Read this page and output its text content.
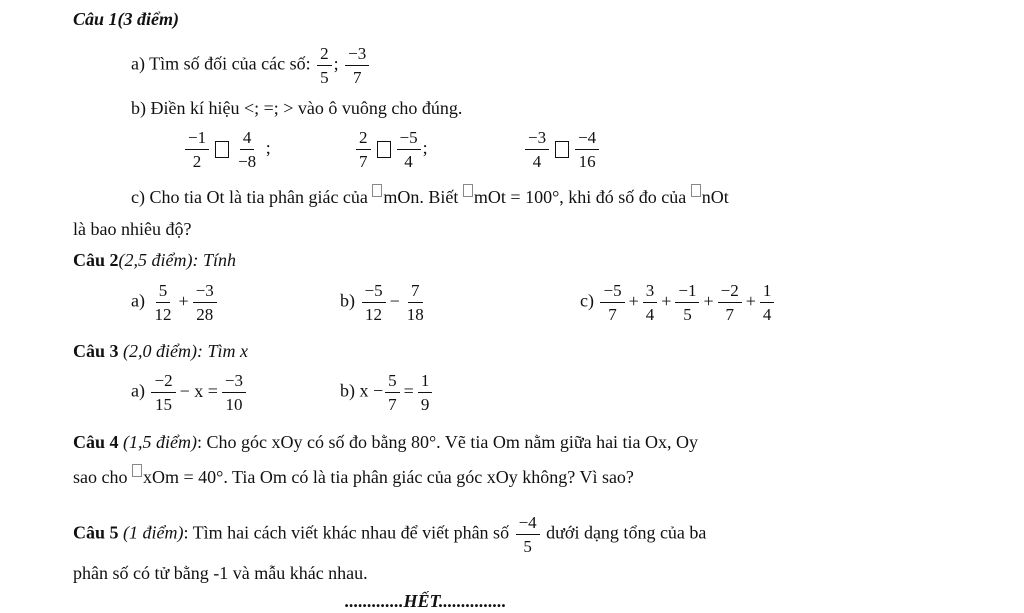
Câu 1(3 điểm)
a) Tìm số đối của các số: $\frac{2}{5}$ ; $\frac{-3}{7}$
b) Điền kí hiệu <; =; > vào ô vuông cho đúng.
$\frac{-1}{2} \frac{4}{-8}$ ;	$\frac{2}{7} \frac{-5}{4}$ ;	$\frac{-3}{4} \frac{-4}{16}$
c) Cho tia Ot là tia phân giác của mOn. Biết mOt = 100°, khi đó số đo của nOt
là bao nhiêu độ?
Câu 2(2,5 điểm): Tính
$a) \frac{5}{12} + \frac{-3}{28}$	$b) \frac{-5}{12} - \frac{7}{18}$	$c) \frac{-5}{7} + \frac{3}{4} + \frac{-1}{5} + \frac{-2}{7} + \frac{1}{4}$
Câu 3 (2,0 điểm): Tìm x
$a) \frac{-2}{15} - x = \frac{-3}{10}$	b) $x - \frac{5}{7} = \frac{1}{9}$
Câu 4 (1,5 điểm): Cho góc xOy có số đo bằng 80°. Vẽ tia Om nằm giữa hai tia Ox, Oy
sao cho xOm = 40°. Tia Om có là tia phân giác của góc xOy không? Vì sao?
Câu 5 (1 điểm): Tìm hai cách viết khác nhau để viết phân số $\frac{-4}{5}$ dưới dạng tổng của ba
phân số có tử bằng -1 và mẫu khác nhau.
.............HẾT...............
